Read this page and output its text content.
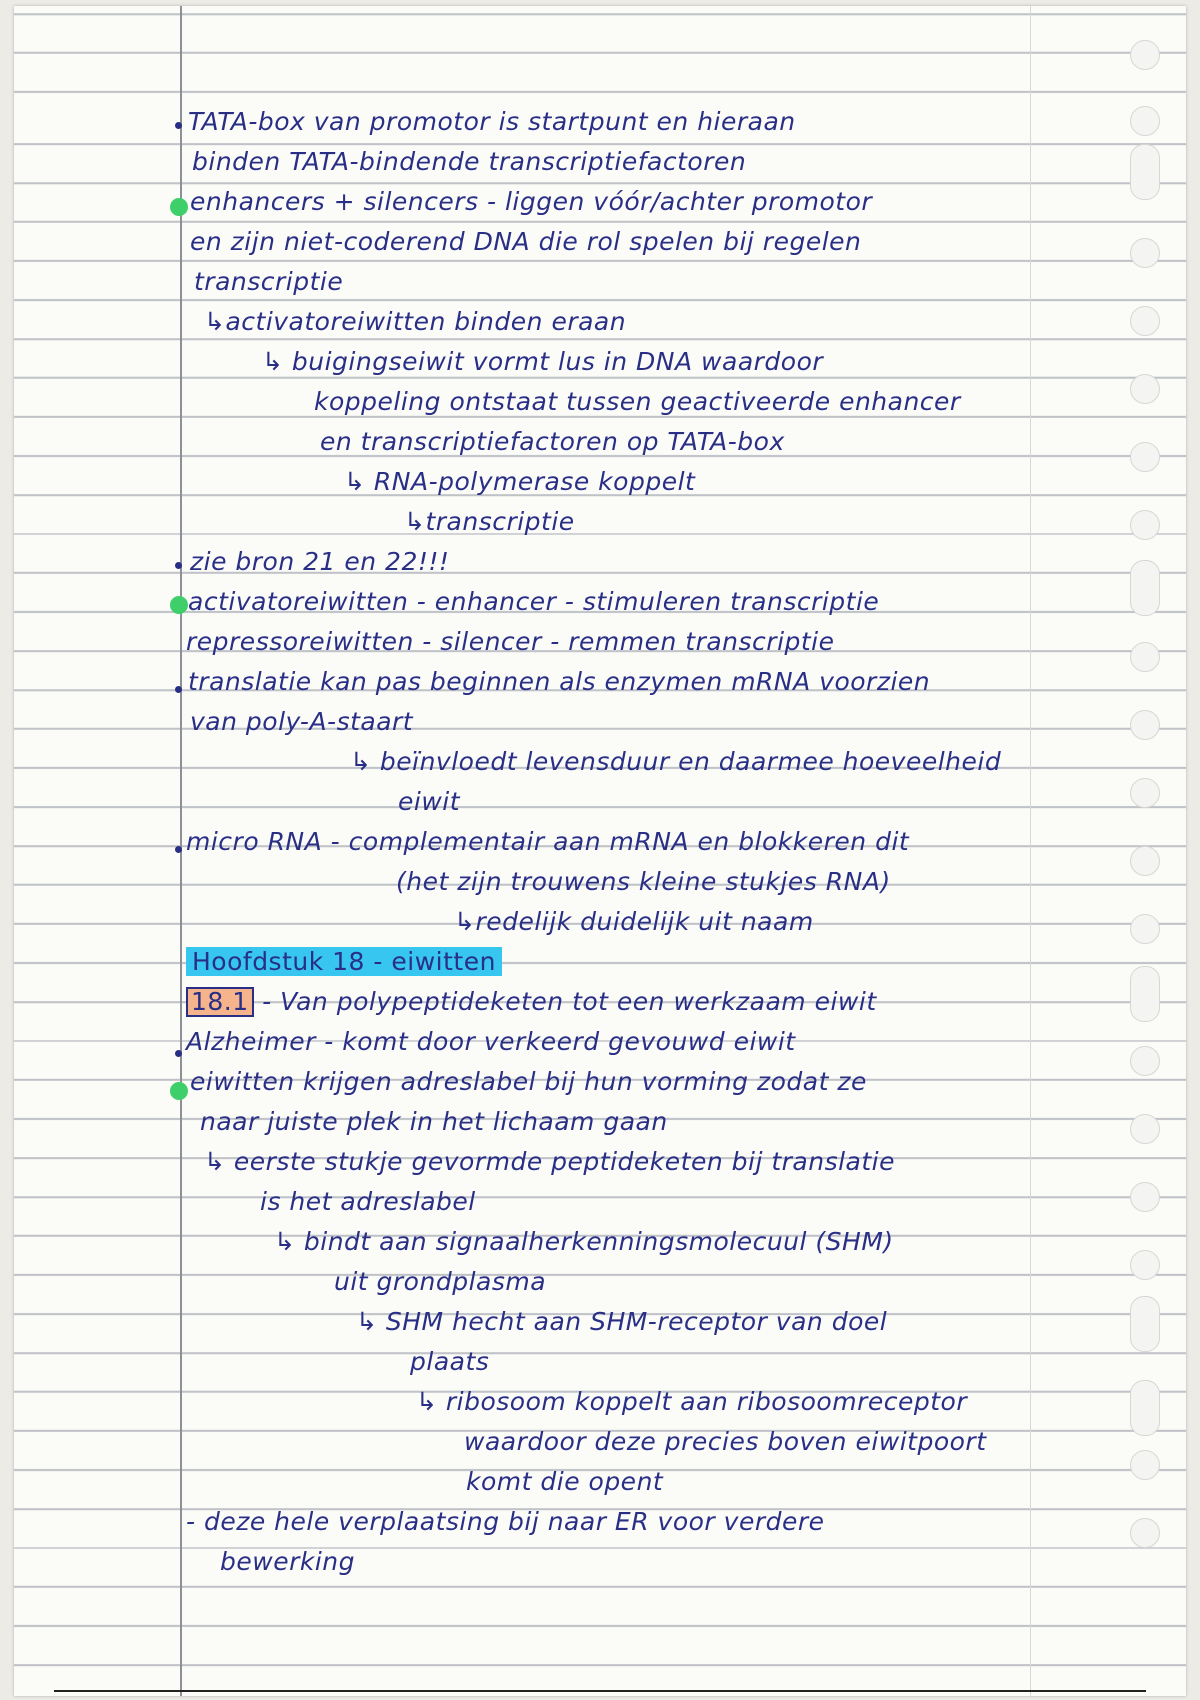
TATA-box van promotor is startpunt en hieraan

binden TATA-bindende transcriptiefactoren

enhancers + silencers - liggen vóór/achter promotor

en zijn niet-coderend DNA die rol spelen bij regelen

transcriptie

↳activatoreiwitten binden eraan

↳ buigingseiwit vormt lus in DNA waardoor

koppeling ontstaat tussen geactiveerde enhancer

en transcriptiefactoren op TATA-box

↳ RNA-polymerase koppelt

↳transcriptie

zie bron 21 en 22!!!

activatoreiwitten - enhancer - stimuleren transcriptie

repressoreiwitten - silencer - remmen transcriptie

translatie kan pas beginnen als enzymen mRNA voorzien

van poly-A-staart

↳ beïnvloedt levensduur en daarmee hoeveelheid

eiwit

micro RNA - complementair aan mRNA en blokkeren dit

(het zijn trouwens kleine stukjes RNA)

↳redelijk duidelijk uit naam

Hoofdstuk 18 - eiwitten

18.1 - Van polypeptideketen tot een werkzaam eiwit

Alzheimer - komt door verkeerd gevouwd eiwit

eiwitten krijgen adreslabel bij hun vorming zodat ze

naar juiste plek in het lichaam gaan

↳ eerste stukje gevormde peptideketen bij translatie

is het adreslabel

↳ bindt aan signaalherkenningsmolecuul (SHM)

uit grondplasma

↳ SHM hecht aan SHM-receptor van doel

plaats

↳ ribosoom koppelt aan ribosoomreceptor

waardoor deze precies boven eiwitpoort

komt die opent

- deze hele verplaatsing bij naar ER voor verdere

bewerking
